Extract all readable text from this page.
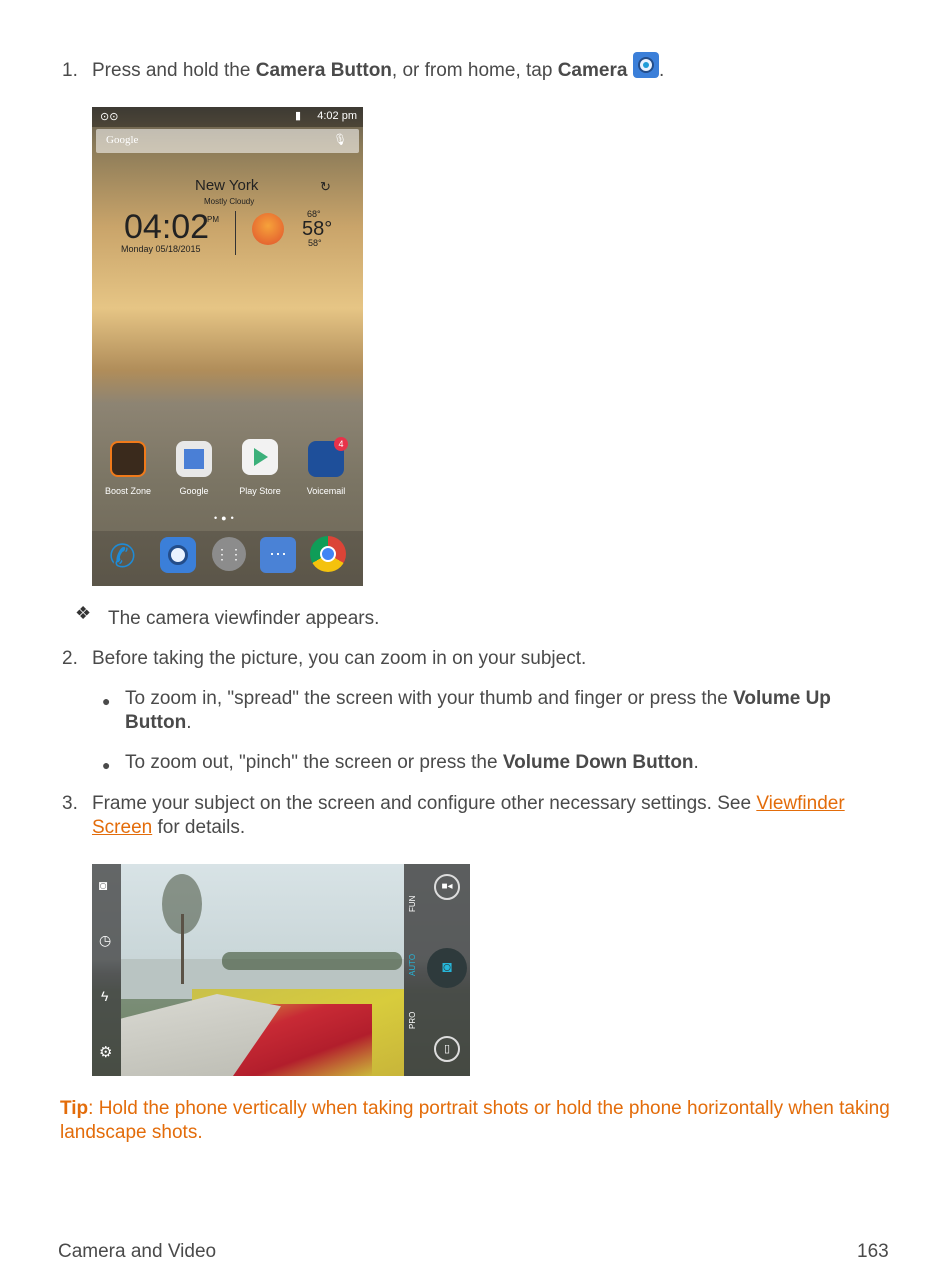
1. Press and hold the Camera Button, or from home, tap Camera .
⊙⊙	4:02 pm
▮
Google	🎙
New York
Mostly Cloudy
↻
04:02
PM
Monday 05/18/2015
68°
58°
58°
4
Boost Zone	Google	Play Store	Voicemail
•●•
✆	⋮⋮	⋯
❖ The camera viewfinder appears.
2. Before taking the picture, you can zoom in on your subject.
● To zoom in, "spread" the screen with your thumb and finger or press the Volume Up
Button.
● To zoom out, "pinch" the screen or press the Volume Down Button.
3. Frame your subject on the screen and configure other necessary settings. See Viewfinder
Screen for details.
◙
◷
ϟ
⚙
■◂
FUN
AUTO
PRO
◙
▯
Tip: Hold the phone vertically when taking portrait shots or hold the phone horizontally when taking
landscape shots.
Camera and Video	163
